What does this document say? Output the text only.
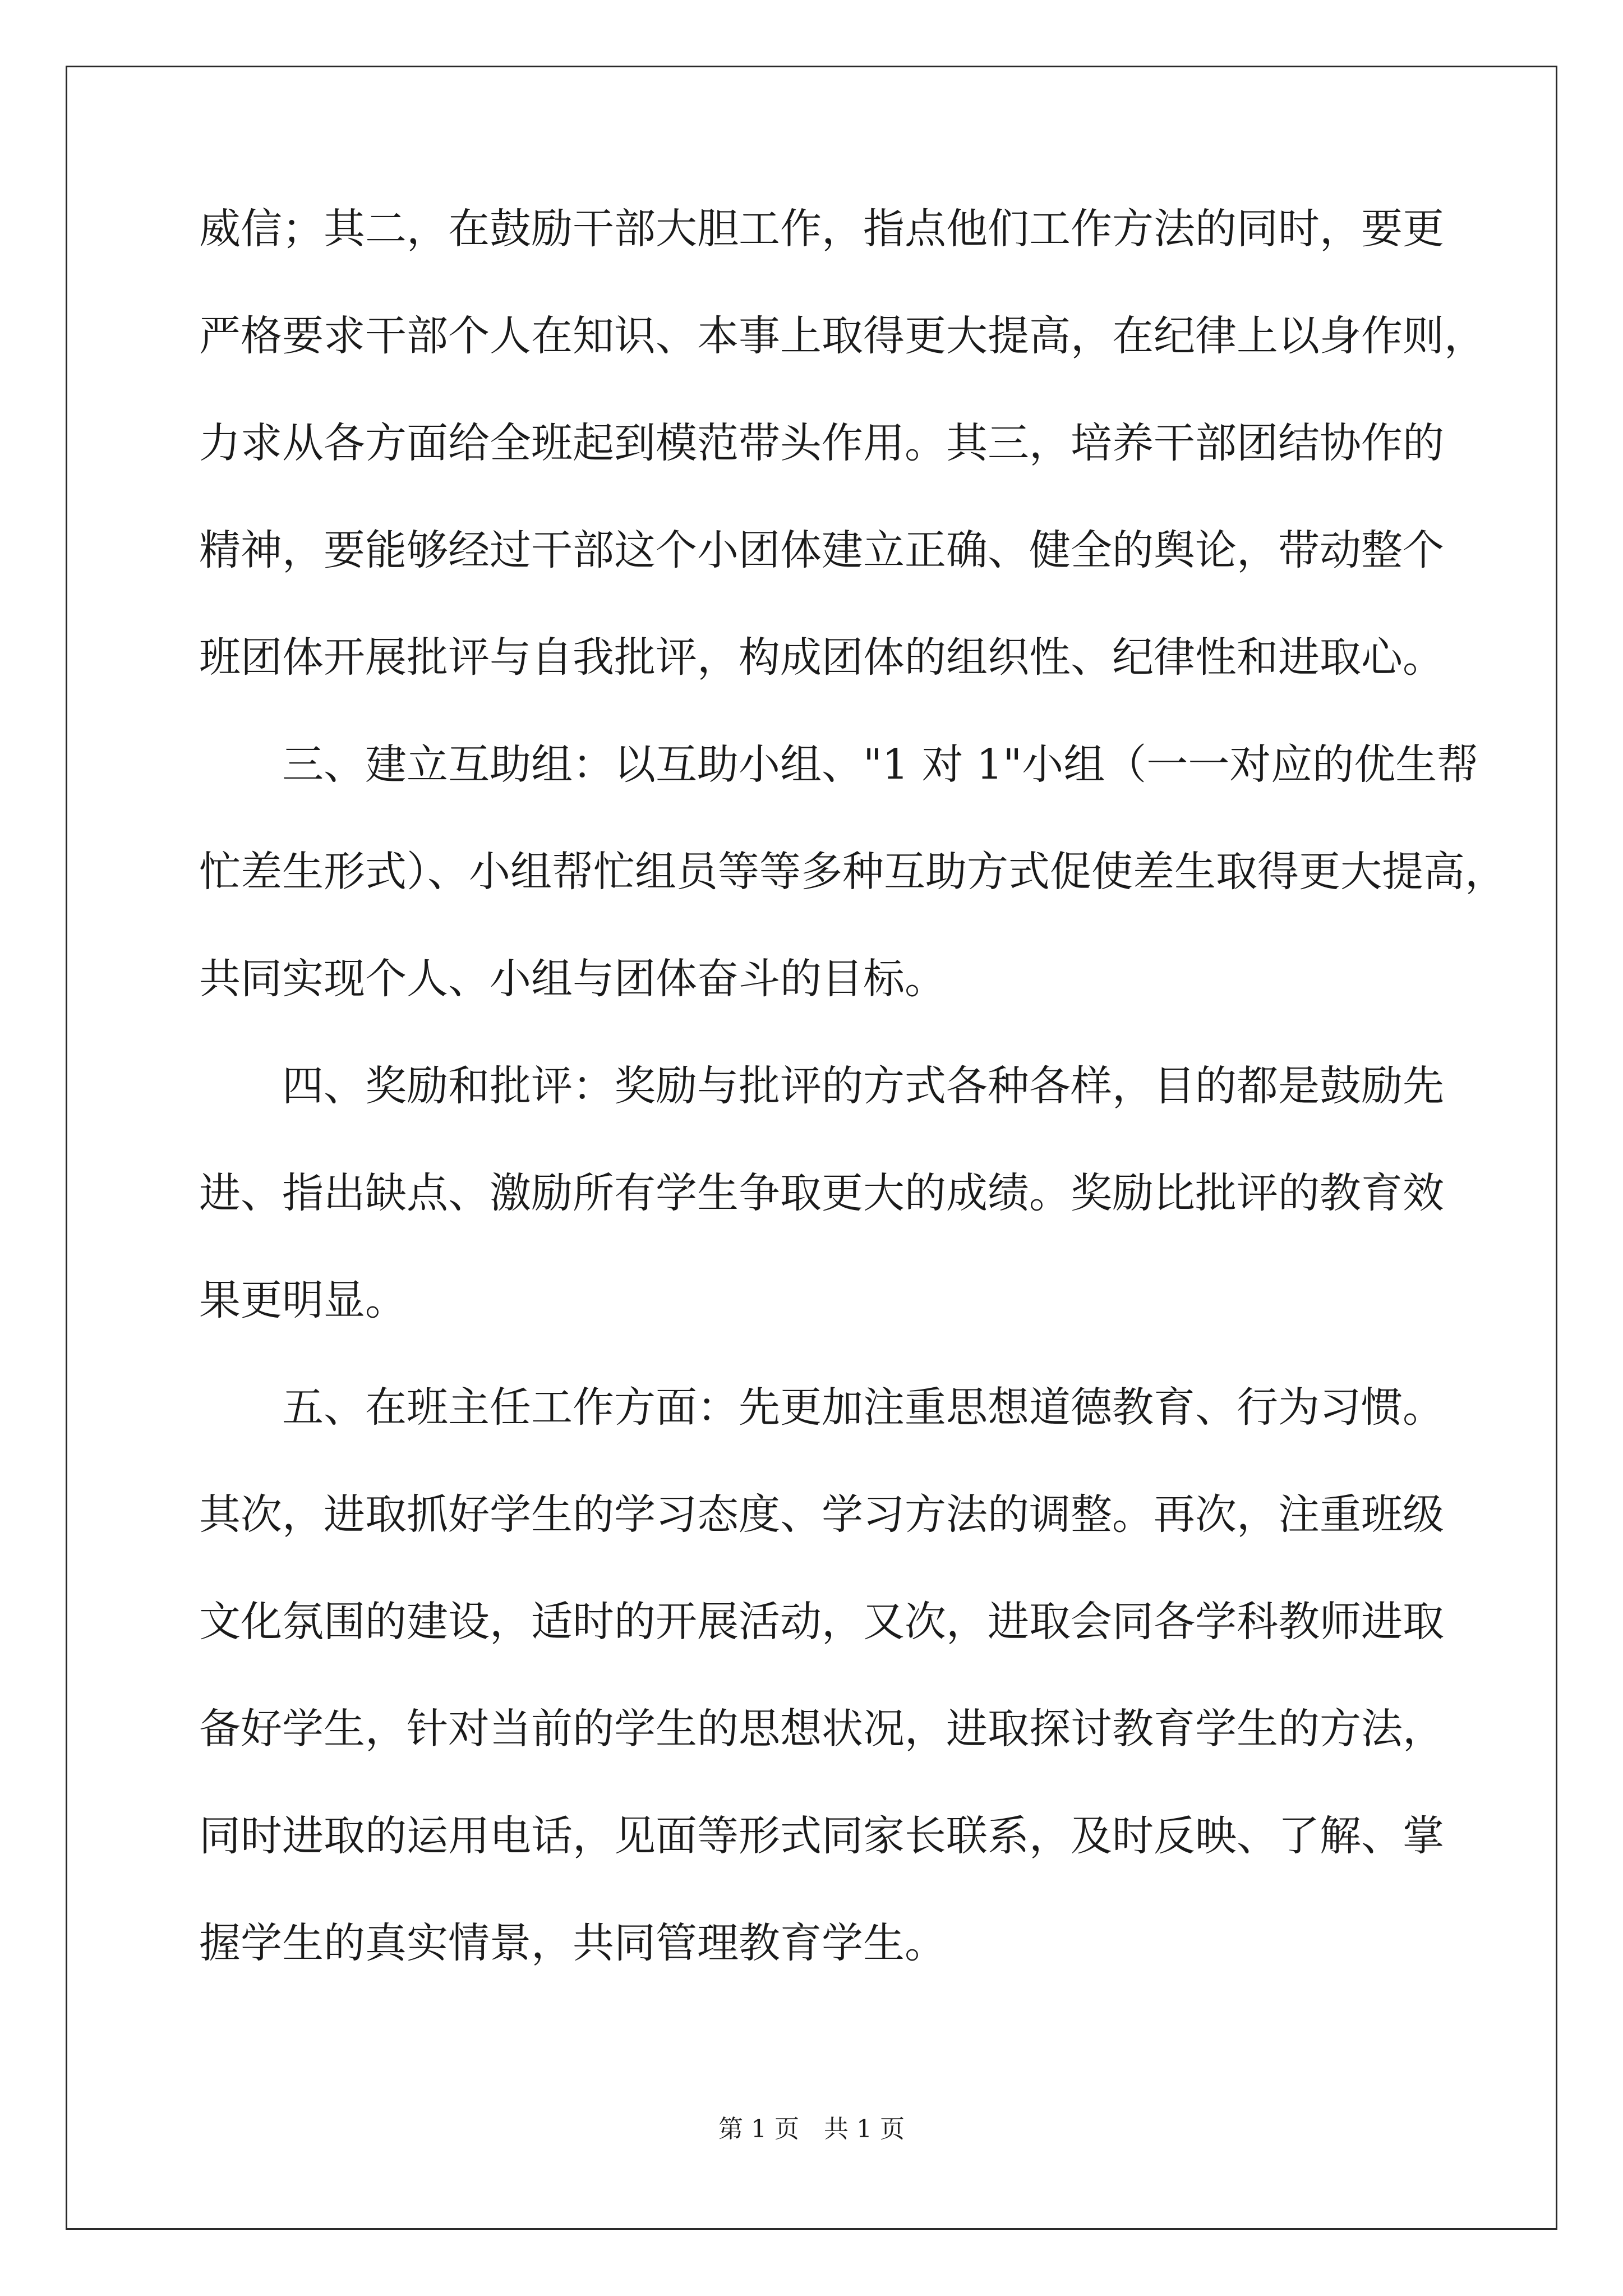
威信；其二，在鼓励干部大胆工作，指点他们工作方法的同时，要更
严格要求干部个人在知识、本事上取得更大提高，在纪律上以身作则，
力求从各方面给全班起到模范带头作用。其三，培养干部团结协作的
精神，要能够经过干部这个小团体建立正确、健全的舆论，带动整个
班团体开展批评与自我批评，构成团体的组织性、纪律性和进取心。
三、建立互助组：以互助小组、"1 对 1"小组（一一对应的优生帮
忙差生形式）、小组帮忙组员等等多种互助方式促使差生取得更大提高，
共同实现个人、小组与团体奋斗的目标。
四、奖励和批评：奖励与批评的方式各种各样，目的都是鼓励先
进、指出缺点、激励所有学生争取更大的成绩。奖励比批评的教育效
果更明显。
五、在班主任工作方面：先更加注重思想道德教育、行为习惯。
其次，进取抓好学生的学习态度、学习方法的调整。再次，注重班级
文化氛围的建设，适时的开展活动，又次，进取会同各学科教师进取
备好学生，针对当前的学生的思想状况，进取探讨教育学生的方法，
同时进取的运用电话，见面等形式同家长联系，及时反映、了解、掌
握学生的真实情景，共同管理教育学生。
第 1 页　共 1 页
